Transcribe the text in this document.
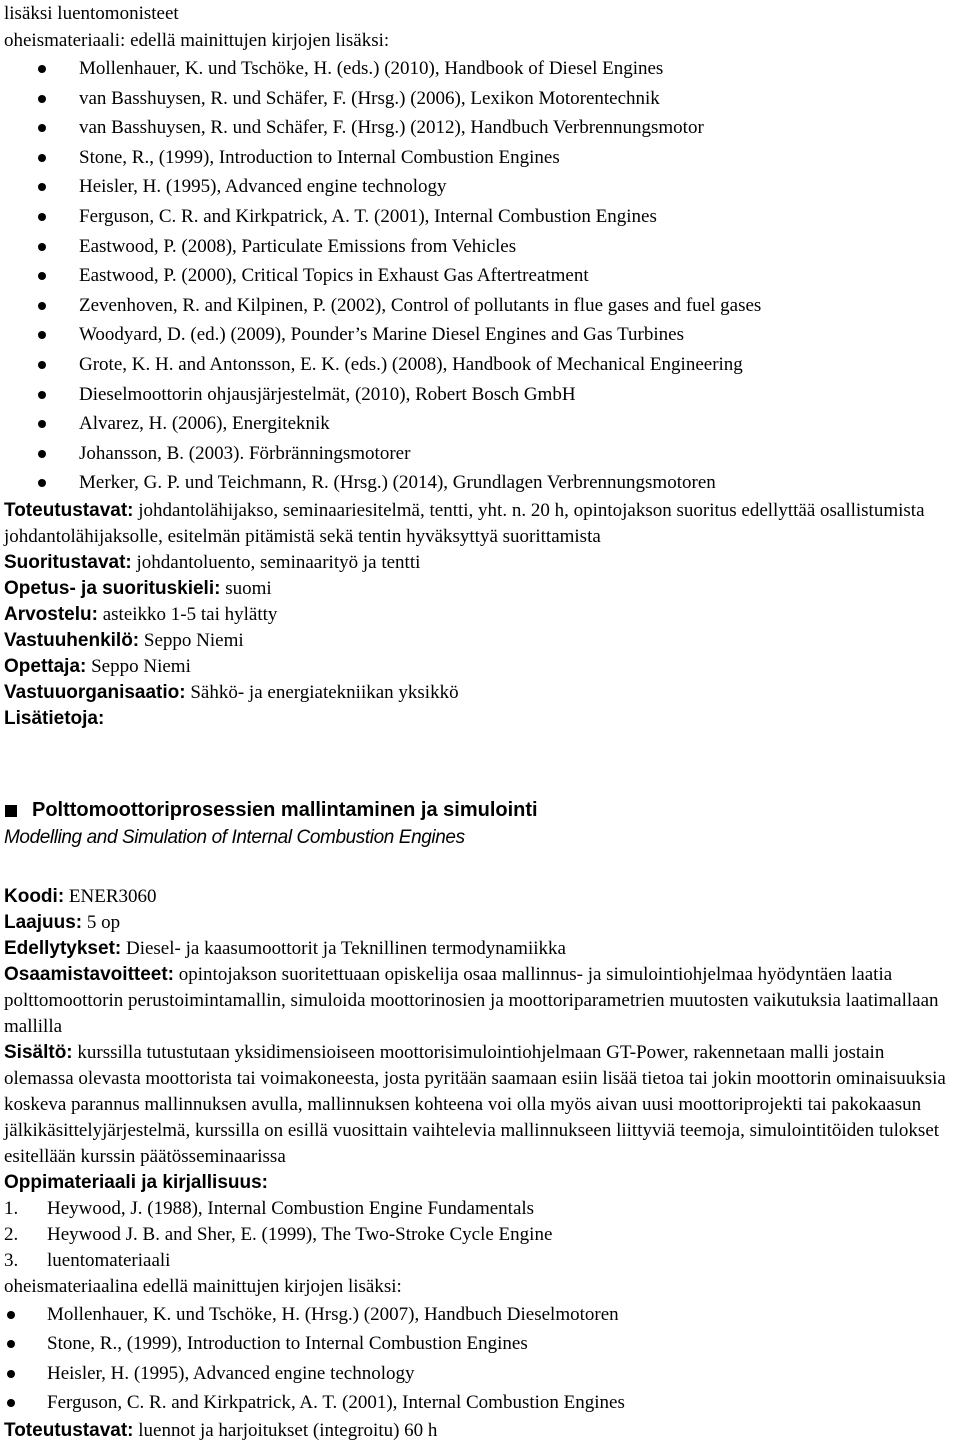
lisäksi luentomonisteet
oheismateriaali: edellä mainittujen kirjojen lisäksi:
Mollenhauer, K. und Tschöke, H. (eds.) (2010), Handbook of Diesel Engines
van Basshuysen, R. und Schäfer, F. (Hrsg.) (2006), Lexikon Motorentechnik
van Basshuysen, R. und Schäfer, F. (Hrsg.) (2012), Handbuch Verbrennungsmotor
Stone, R., (1999), Introduction to Internal Combustion Engines
Heisler, H. (1995), Advanced engine technology
Ferguson, C. R. and Kirkpatrick, A. T. (2001), Internal Combustion Engines
Eastwood, P. (2008), Particulate Emissions from Vehicles
Eastwood, P. (2000), Critical Topics in Exhaust Gas Aftertreatment
Zevenhoven, R. and Kilpinen, P. (2002), Control of pollutants in flue gases and fuel gases
Woodyard, D. (ed.) (2009), Pounder’s Marine Diesel Engines and Gas Turbines
Grote, K. H. and Antonsson, E. K. (eds.) (2008), Handbook of Mechanical Engineering
Dieselmoottorin ohjausjärjestelmät, (2010), Robert Bosch GmbH
Alvarez, H. (2006), Energiteknik
Johansson, B. (2003). Förbränningsmotorer
Merker, G. P. und Teichmann, R. (Hrsg.) (2014), Grundlagen Verbrennungsmotoren
Toteutustavat: johdantolähijakso, seminaariesitelmä, tentti, yht. n. 20 h, opintojakson suoritus edellyttää osallistumista johdantolähijaksolle, esitelmän pitämistä sekä tentin hyväksyttyä suorittamista
Suoritustavat: johdantoluento, seminaarityö ja tentti
Opetus- ja suorituskieli: suomi
Arvostelu: asteikko 1-5 tai hylätty
Vastuuhenkilö: Seppo Niemi
Opettaja: Seppo Niemi
Vastuuorganisaatio: Sähkö- ja energiatekniikan yksikkö
Lisätietoja:
Polttomoottoriprosessien mallintaminen ja simulointi
Modelling and Simulation of Internal Combustion Engines
Koodi: ENER3060
Laajuus: 5 op
Edellytykset: Diesel- ja kaasumoottorit ja Teknillinen termodynamiikka
Osaamistavoitteet: opintojakson suoritettuaan opiskelija osaa mallinnus- ja simulointiohjelmaa hyödyntäen laatia polttomoottorin perustoimintamallin, simuloida moottorinosien ja moottoriparametrien muutosten vaikutuksia laatimallaan mallilla
Sisältö: kurssilla tutustutaan yksidimensioiseen moottorisimulointiohjelmaan GT-Power, rakennetaan malli jostain olemassa olevasta moottorista tai voimakoneesta, josta pyritään saamaan esiin lisää tietoa tai jokin moottorin ominaisuuksia koskeva parannus mallinnuksen avulla, mallinnuksen kohteena voi olla myös aivan uusi moottoriprojekti tai pakokaasun jälkikäsittelyjärjestelmä, kurssilla on esillä vuosittain vaihtelevia mallinnukseen liittyviä teemoja, simulointitöiden tulokset esitellään kurssin päätösseminaarissa
Oppimateriaali ja kirjallisuus:
1. Heywood, J. (1988), Internal Combustion Engine Fundamentals
2. Heywood J. B. and Sher, E. (1999), The Two-Stroke Cycle Engine
3. luentomateriaali
oheismateriaalina edellä mainittujen kirjojen lisäksi:
Mollenhauer, K. und Tschöke, H. (Hrsg.) (2007), Handbuch Dieselmotoren
Stone, R., (1999), Introduction to Internal Combustion Engines
Heisler, H. (1995), Advanced engine technology
Ferguson, C. R. and Kirkpatrick, A. T. (2001), Internal Combustion Engines
Toteutustavat: luennot ja harjoitukset (integroitu) 60 h
